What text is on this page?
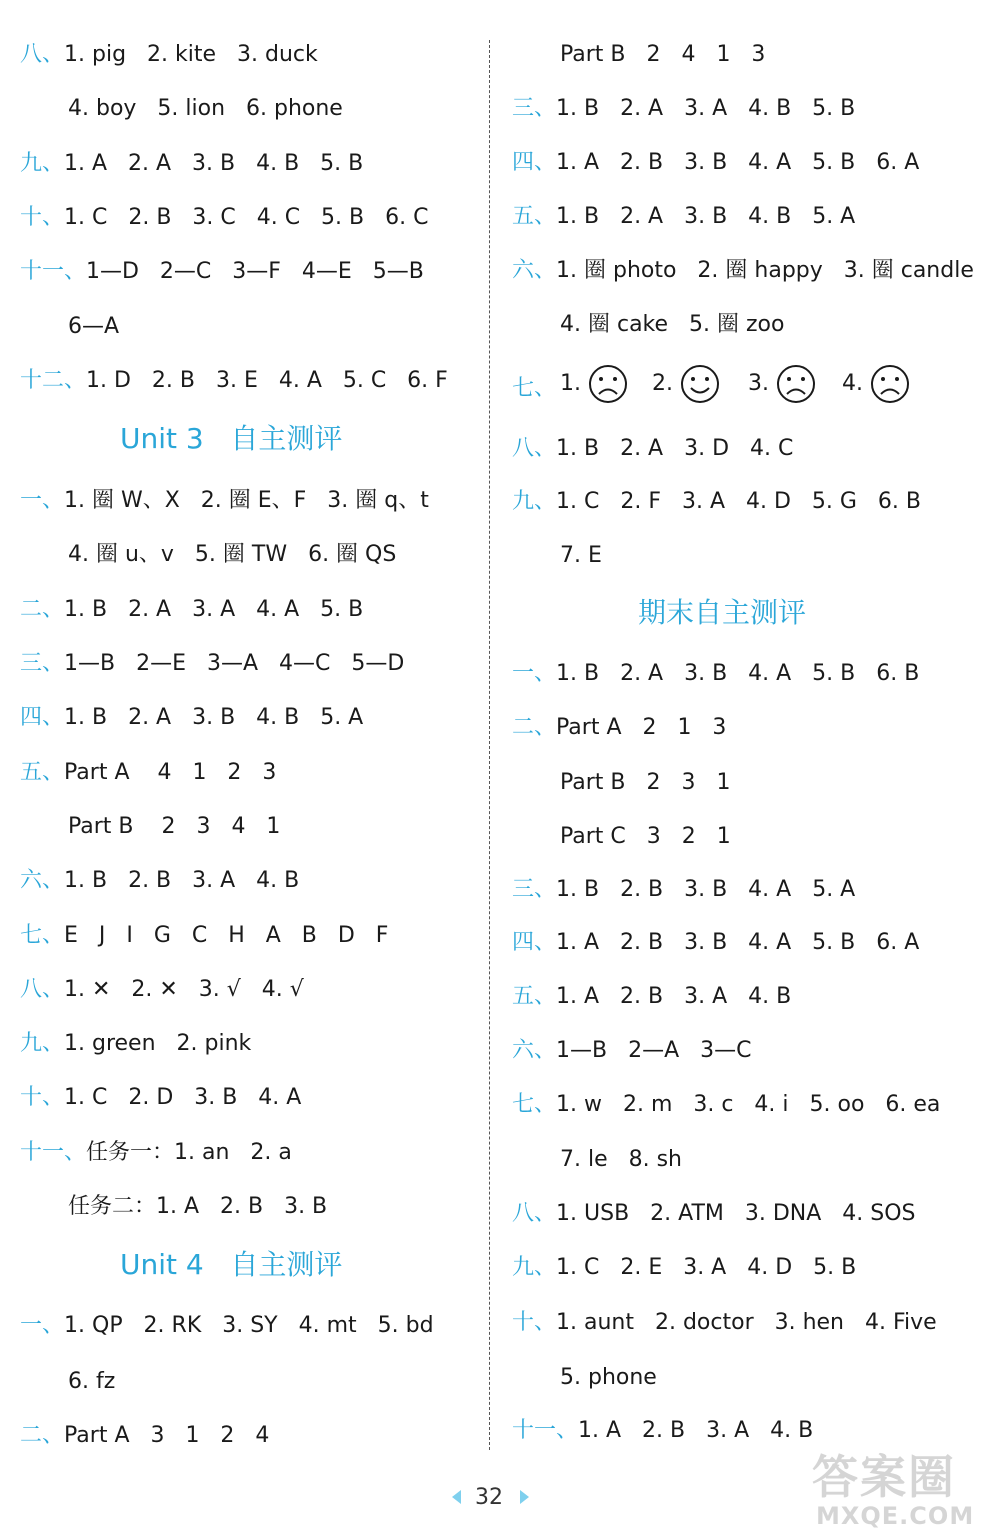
八、1. pig   2. kite   3. duck
4. boy   5. lion   6. phone
九、1. A   2. A   3. B   4. B   5. B
十、1. C   2. B   3. C   4. C   5. B   6. C
十一、1—D   2—C   3—F   4—E   5—B
6—A
十二、1. D   2. B   3. E   4. A   5. C   6. F
Unit 3   自主测评
一、1. 圈 W、X   2. 圈 E、F   3. 圈 q、t
4. 圈 u、v   5. 圈 TW   6. 圈 QS
二、1. B   2. A   3. A   4. A   5. B
三、1—B   2—E   3—A   4—C   5—D
四、1. B   2. A   3. B   4. B   5. A
五、Part A    4   1   2   3
Part B    2   3   4   1
六、1. B   2. B   3. A   4. B
七、E   J   I   G   C   H   A   B   D   F
八、1. ✕   2. ✕   3. √   4. √
九、1. green   2. pink
十、1. C   2. D   3. B   4. A
十一、任务一：1. an   2. a
任务二：1. A   2. B   3. B
Unit 4   自主测评
一、1. QP   2. RK   3. SY   4. mt   5. bd
6. fz
二、Part A   3   1   2   4
Part B   2   4   1   3
三、1. B   2. A   3. A   4. B   5. B
四、1. A   2. B   3. B   4. A   5. B   6. A
五、1. B   2. A   3. B   4. B   5. A
六、1. 圈 photo   2. 圈 happy   3. 圈 candle
4. 圈 cake   5. 圈 zoo
七、 1.	2.	3.	4.
八、1. B   2. A   3. D   4. C
九、1. C   2. F   3. A   4. D   5. G   6. B
7. E
期末自主测评
一、1. B   2. A   3. B   4. A   5. B   6. B
二、Part A   2   1   3
Part B   2   3   1
Part C   3   2   1
三、1. B   2. B   3. B   4. A   5. A
四、1. A   2. B   3. B   4. A   5. B   6. A
五、1. A   2. B   3. A   4. B
六、1—B   2—A   3—C
七、1. w   2. m   3. c   4. i   5. oo   6. ea
7. le   8. sh
八、1. USB   2. ATM   3. DNA   4. SOS
九、1. C   2. E   3. A   4. D   5. B
十、1. aunt   2. doctor   3. hen   4. Five
5. phone
十一、1. A   2. B   3. A   4. B
32	答案圈
MXQE.COM
